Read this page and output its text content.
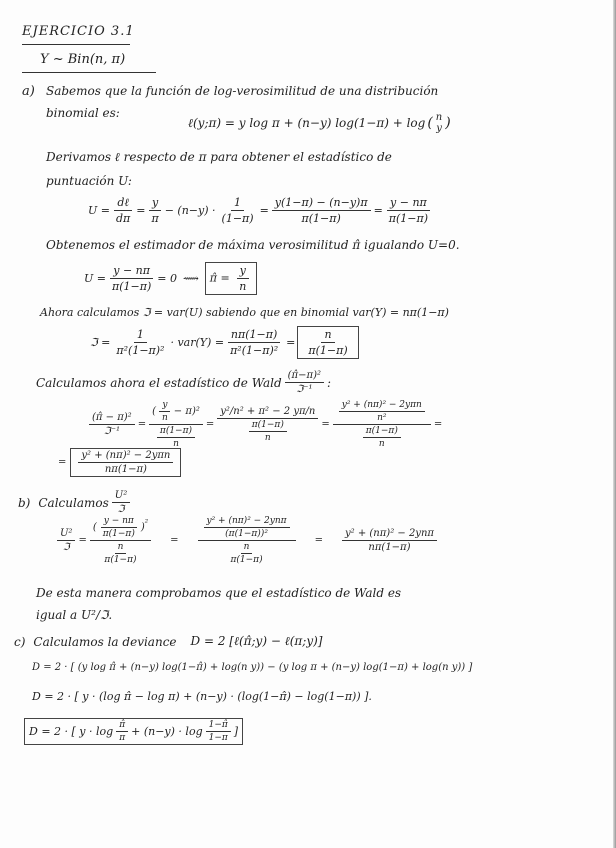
EJERCICIO 3.1
Y ~ Bin(n, π)
a) Sabemos que la función de log-verosimilitud de una distribución
binomial es:
ℓ(y;π) = y log π + (n−y) log(1−π) + log ( n
y )
Derivamos ℓ respecto de π para obtener el estadístico de
puntuación U:
$U = \frac{\text{dℓ}}{d\pi} = \frac{y}{\pi} - (n-y) \cdot \frac{1}{(1-\pi)} = \frac{y(1-\pi) - (n-y)\pi}{\pi(1-\pi)} = \frac{y - n\pi}{\pi(1-\pi)}$
Obtenemos el estimador de máxima verosimilitud π̂ igualando U=0.
$U = \frac{y - n\pi}{\pi(1-\pi)} = 0$ ⟿	π̂ = $\frac{y}{n}$
Ahora calculamos ℑ = var(U) sabiendo que en binomial var(Y) = nπ(1−π)
ℑ = $\frac{1}{\text{π²(1−π)²}} \cdot var(Y) = \frac{n\pi(1-\pi)}{\text{π²(1−π)²}} = \frac{n}{\pi(1-\pi)}$
Calculamos ahora el estadístico de Wald $\frac{\text{(π̂−π)²}}{\text{ℑ⁻¹}}$ :
$\frac{\text{(π̂ − π)²}}{\text{ℑ⁻¹}} = \frac{( \frac{y}{n} - \pi)^2}{\frac{\pi(1-\pi)}{n}} = \frac{\text{y²/n² + π² − 2 yπ/n}}{\frac{\pi(1-\pi)}{n}} = \frac{\frac{\text{y² + (nπ)² − 2yπn}}{\text{n²}}}{\frac{\pi(1-\pi)}{n}}$ =
= $\frac{\text{y² + (nπ)² − 2yπn}}{n\pi(1-\pi)}$
b) Calculamos $\frac{\text{U²}}{\text{ℑ}}$
$\frac{\text{U²}}{\text{ℑ}} = \frac{( \frac{y - n\pi}{\pi(1-\pi)} )^{^2}}{\frac{n}{\pi(1-\pi)}} = \frac{\frac{\text{y² + (nπ)² − 2ynπ}}{\text{(π(1−π))²}}}{\frac{n}{\pi(1-\pi)}} = \frac{\text{y² + (nπ)² − 2ynπ}}{n\pi(1-\pi)}$
De esta manera comprobamos que el estadístico de Wald es
igual a U²/ℑ.
c) Calculamos la deviance D = 2 [ℓ(π̂;y) − ℓ(π;y)]
D = 2 · [ (y log π̂ + (n−y) log(1−π̂) + log(n y)) − (y log π + (n−y) log(1−π) + log(n y)) ]
D = 2 · [ y · (log π̂ − log π) + (n−y) · (log(1−π̂) − log(1−π)) ].
D = 2 · [ $y \cdot \log \frac{\pî}{\pi} + (n-y) \cdot \log \frac{1-\pî}{1-\pi}$ ]
